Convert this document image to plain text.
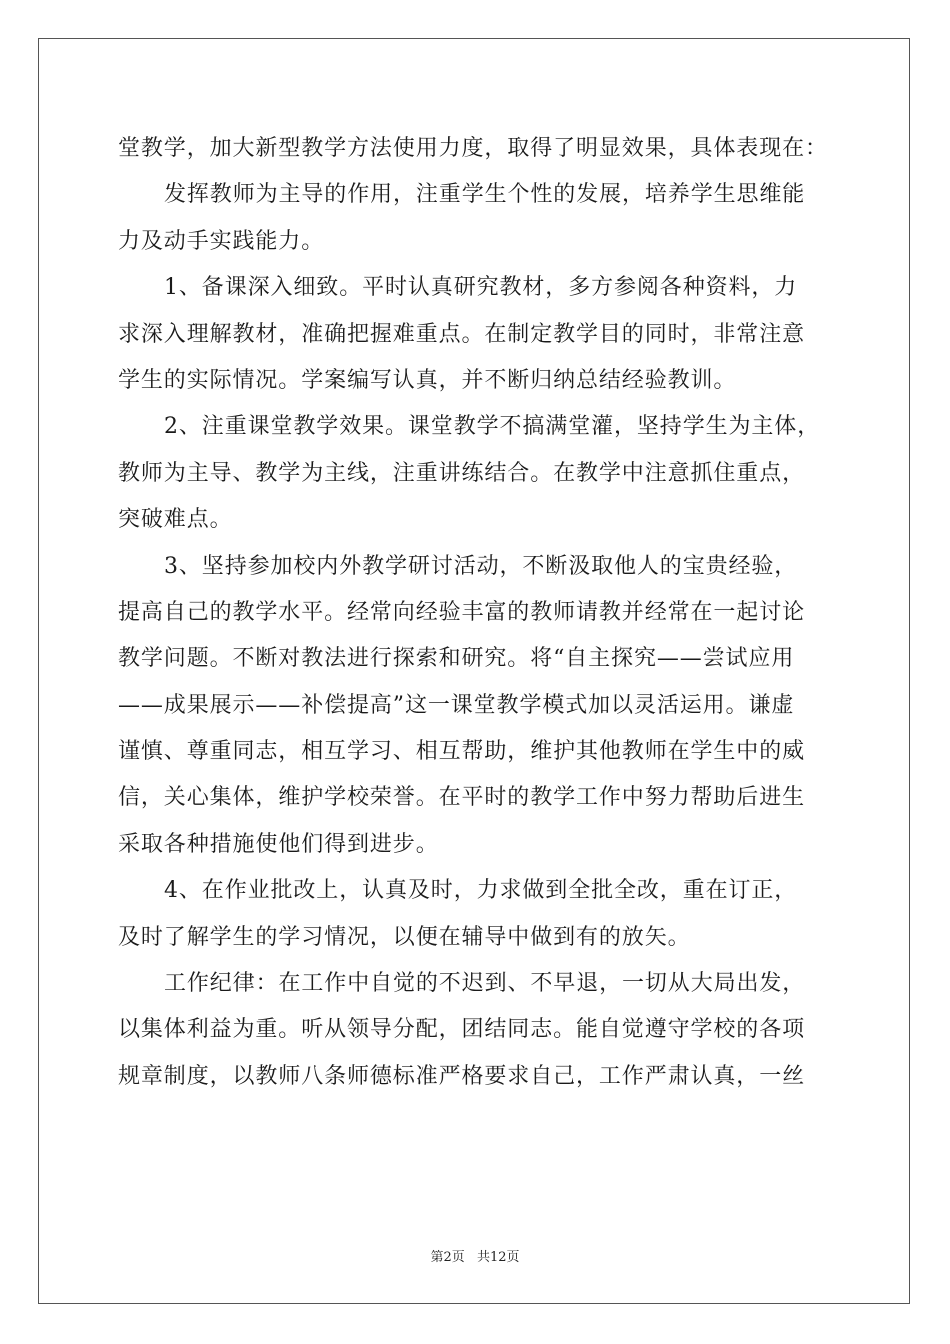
堂教学，加大新型教学方法使用力度，取得了明显效果，具体表现在：
发挥教师为主导的作用，注重学生个性的发展，培养学生思维能
力及动手实践能力。
1、备课深入细致。平时认真研究教材，多方参阅各种资料，力
求深入理解教材，准确把握难重点。在制定教学目的同时，非常注意
学生的实际情况。学案编写认真，并不断归纳总结经验教训。
2、注重课堂教学效果。课堂教学不搞满堂灌，坚持学生为主体，
教师为主导、教学为主线，注重讲练结合。在教学中注意抓住重点，
突破难点。
3、坚持参加校内外教学研讨活动，不断汲取他人的宝贵经验，
提高自己的教学水平。经常向经验丰富的教师请教并经常在一起讨论
教学问题。不断对教法进行探索和研究。将“自主探究——尝试应用
——成果展示——补偿提高”这一课堂教学模式加以灵活运用。谦虚
谨慎、尊重同志，相互学习、相互帮助，维护其他教师在学生中的威
信，关心集体，维护学校荣誉。在平时的教学工作中努力帮助后进生
采取各种措施使他们得到进步。
4、在作业批改上，认真及时，力求做到全批全改，重在订正，
及时了解学生的学习情况，以便在辅导中做到有的放矢。
工作纪律：在工作中自觉的不迟到、不早退，一切从大局出发，
以集体利益为重。听从领导分配，团结同志。能自觉遵守学校的各项
规章制度，以教师八条师德标准严格要求自己，工作严肃认真，一丝
第2页 共12页
